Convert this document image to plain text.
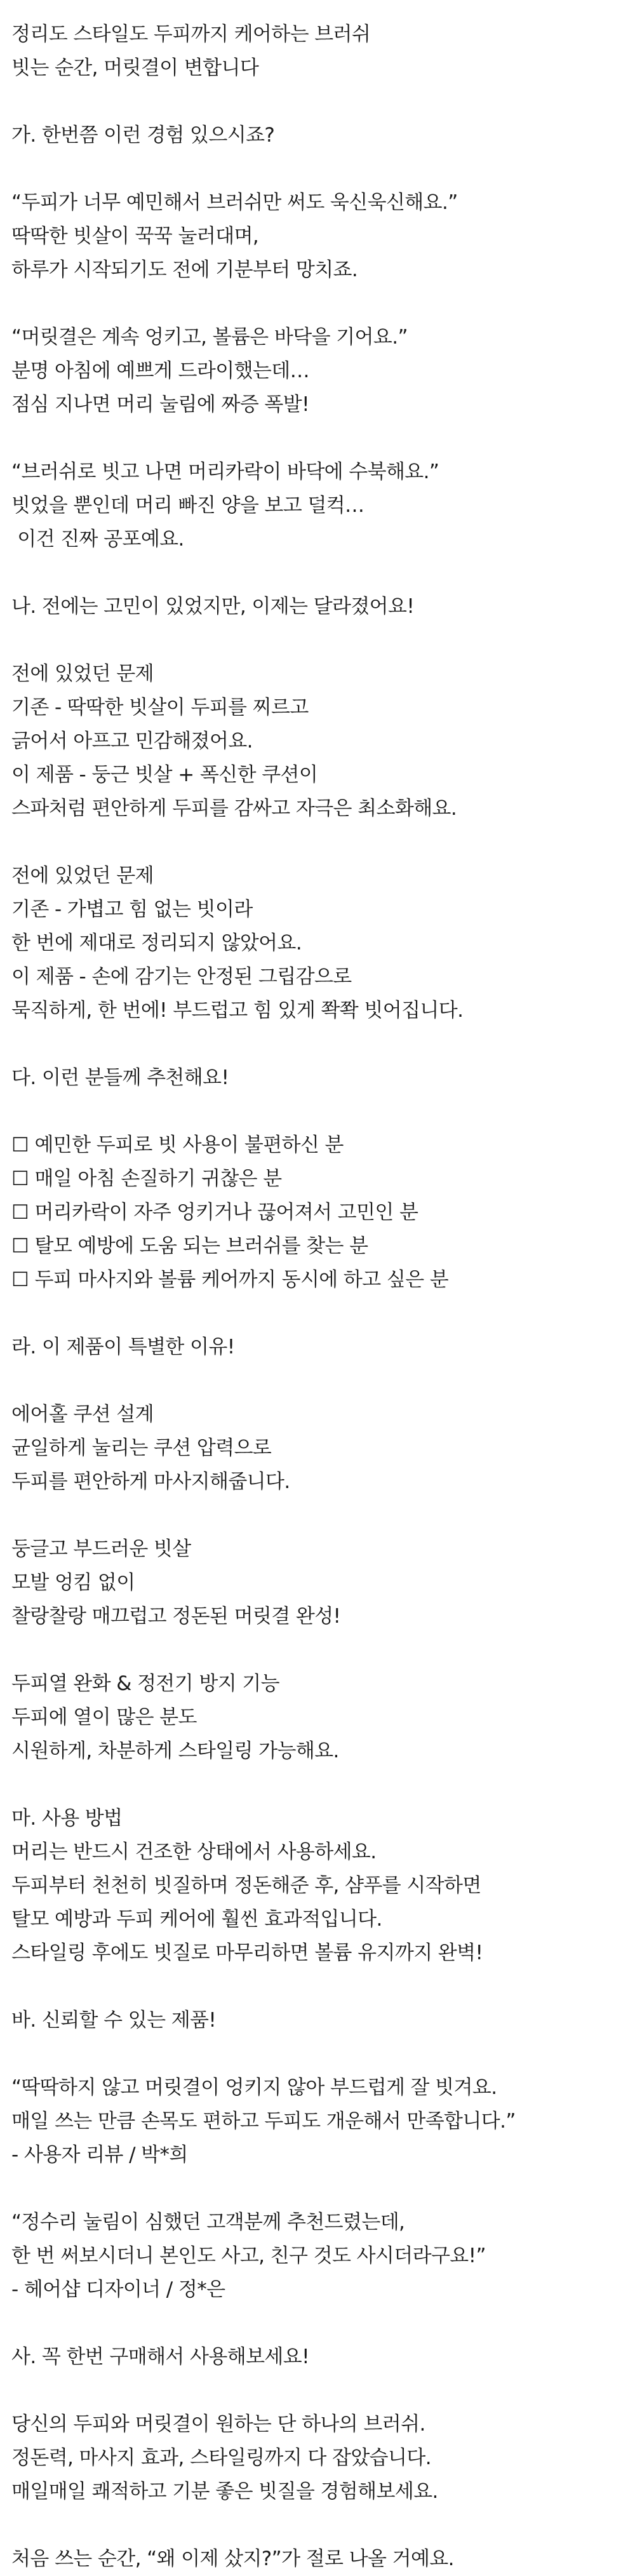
정리도 스타일도 두피까지 케어하는 브러쉬
빗는 순간, 머릿결이 변합니다
가. 한번쯤 이런 경험 있으시죠?
“두피가 너무 예민해서 브러쉬만 써도 욱신욱신해요.”
딱딱한 빗살이 꾹꾹 눌러대며,
하루가 시작되기도 전에 기분부터 망치죠.
“머릿결은 계속 엉키고, 볼륨은 바닥을 기어요.”
분명 아침에 예쁘게 드라이했는데…
점심 지나면 머리 눌림에 짜증 폭발!
“브러쉬로 빗고 나면 머리카락이 바닥에 수북해요.”
빗었을 뿐인데 머리 빠진 양을 보고 덜컥…
이건 진짜 공포예요.
나. 전에는 고민이 있었지만, 이제는 달라졌어요!
전에 있었던 문제
기존 - 딱딱한 빗살이 두피를 찌르고
긁어서 아프고 민감해졌어요.
이 제품 - 둥근 빗살 + 폭신한 쿠션이
스파처럼 편안하게 두피를 감싸고 자극은 최소화해요.
전에 있었던 문제
기존 - 가볍고 힘 없는 빗이라
한 번에 제대로 정리되지 않았어요.
이 제품 - 손에 감기는 안정된 그립감으로
묵직하게, 한 번에! 부드럽고 힘 있게 쫙쫙 빗어집니다.
다. 이런 분들께 추천해요!
☐ 예민한 두피로 빗 사용이 불편하신 분
☐ 매일 아침 손질하기 귀찮은 분
☐ 머리카락이 자주 엉키거나 끊어져서 고민인 분
☐ 탈모 예방에 도움 되는 브러쉬를 찾는 분
☐ 두피 마사지와 볼륨 케어까지 동시에 하고 싶은 분
라. 이 제품이 특별한 이유!
에어홀 쿠션 설계
균일하게 눌리는 쿠션 압력으로
두피를 편안하게 마사지해줍니다.
둥글고 부드러운 빗살
모발 엉킴 없이
찰랑찰랑 매끄럽고 정돈된 머릿결 완성!
두피열 완화 & 정전기 방지 기능
두피에 열이 많은 분도
시원하게, 차분하게 스타일링 가능해요.
마. 사용 방법
머리는 반드시 건조한 상태에서 사용하세요.
두피부터 천천히 빗질하며 정돈해준 후, 샴푸를 시작하면
탈모 예방과 두피 케어에 훨씬 효과적입니다.
스타일링 후에도 빗질로 마무리하면 볼륨 유지까지 완벽!
바. 신뢰할 수 있는 제품!
“딱딱하지 않고 머릿결이 엉키지 않아 부드럽게 잘 빗겨요.
매일 쓰는 만큼 손목도 편하고 두피도 개운해서 만족합니다.”
- 사용자 리뷰 / 박*희
“정수리 눌림이 심했던 고객분께 추천드렸는데,
한 번 써보시더니 본인도 사고, 친구 것도 사시더라구요!”
- 헤어샵 디자이너 / 정*은
사. 꼭 한번 구매해서 사용해보세요!
당신의 두피와 머릿결이 원하는 단 하나의 브러쉬.
정돈력, 마사지 효과, 스타일링까지 다 잡았습니다.
매일매일 쾌적하고 기분 좋은 빗질을 경험해보세요.
처음 쓰는 순간, “왜 이제 샀지?”가 절로 나올 거예요.
